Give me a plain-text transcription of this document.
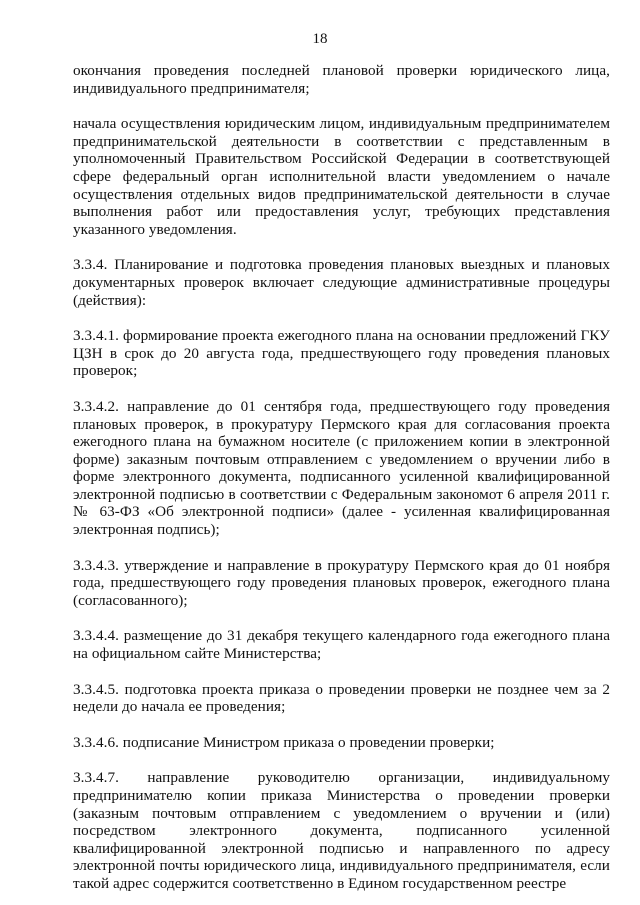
18

окончания проведения последней плановой проверки юридического лица, индивидуального предпринимателя;

начала осуществления юридическим лицом, индивидуальным предпринимателем предпринимательской деятельности в соответствии с представленным в уполномоченный Правительством Российской Федерации в соответствующей сфере федеральный орган исполнительной власти уведомлением о начале осуществления отдельных видов предпринимательской деятельности в случае выполнения работ или предоставления услуг, требующих представления указанного уведомления.

3.3.4. Планирование и подготовка проведения плановых выездных и плановых документарных проверок включает следующие административные процедуры (действия):

3.3.4.1. формирование проекта ежегодного плана на основании предложений ГКУ ЦЗН в срок до 20 августа года, предшествующего году проведения плановых проверок;

3.3.4.2. направление до 01 сентября года, предшествующего году проведения плановых проверок, в прокуратуру Пермского края для согласования проекта ежегодного плана на бумажном носителе (с приложением копии в электронной форме) заказным почтовым отправлением с уведомлением о вручении либо в форме электронного документа, подписанного усиленной квалифицированной электронной подписью в соответствии с Федеральным закономот 6 апреля 2011 г. № 63-ФЗ «Об электронной подписи» (далее - усиленная квалифицированная электронная подпись);

3.3.4.3. утверждение и направление в прокуратуру Пермского края до 01 ноября года, предшествующего году проведения плановых проверок, ежегодного плана (согласованного);

3.3.4.4. размещение до 31 декабря текущего календарного года ежегодного плана на официальном сайте Министерства;

3.3.4.5. подготовка проекта приказа о проведении проверки не позднее чем за 2 недели до начала ее проведения;

3.3.4.6. подписание Министром приказа о проведении проверки;

3.3.4.7. направление руководителю организации, индивидуальному предпринимателю копии приказа Министерства о проведении проверки (заказным почтовым отправлением с уведомлением о вручении и (или) посредством электронного документа, подписанного усиленной квалифицированной электронной подписью и направленного по адресу электронной почты юридического лица, индивидуального предпринимателя, если такой адрес содержится соответственно в Едином государственном реестре
